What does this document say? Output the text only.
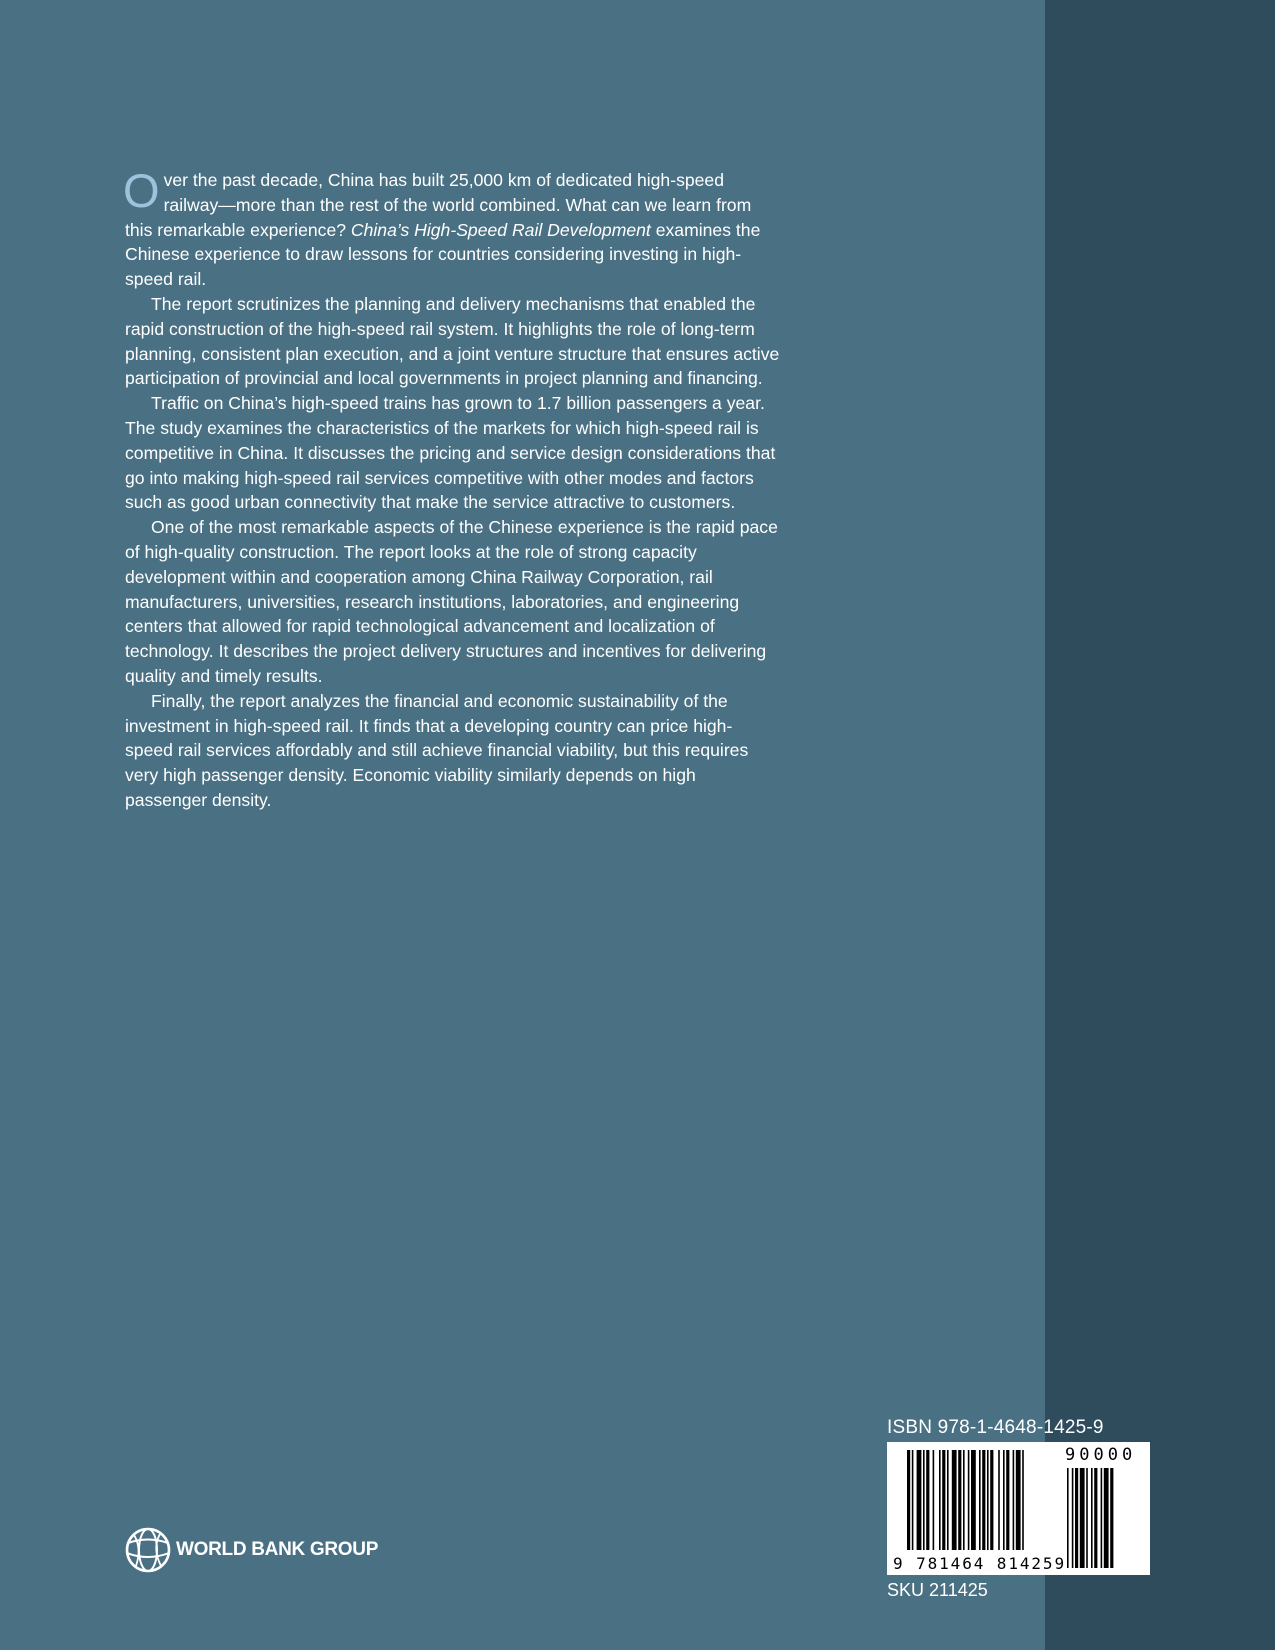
Over the past decade, China has built 25,000 km of dedicated high-speed railway—more than the rest of the world combined. What can we learn from this remarkable experience? China’s High-Speed Rail Development examines the Chinese experience to draw lessons for countries considering investing in high-speed rail.

The report scrutinizes the planning and delivery mechanisms that enabled the rapid construction of the high-speed rail system. It highlights the role of long-term planning, consistent plan execution, and a joint venture structure that ensures active participation of provincial and local governments in project planning and financing.

Traffic on China’s high-speed trains has grown to 1.7 billion passengers a year. The study examines the characteristics of the markets for which high-speed rail is competitive in China. It discusses the pricing and service design considerations that go into making high-speed rail services competitive with other modes and factors such as good urban connectivity that make the service attractive to customers.

One of the most remarkable aspects of the Chinese experience is the rapid pace of high-quality construction. The report looks at the role of strong capacity development within and cooperation among China Railway Corporation, rail manufacturers, universities, research institutions, laboratories, and engineering centers that allowed for rapid technological advancement and localization of technology. It describes the project delivery structures and incentives for delivering quality and timely results.

Finally, the report analyzes the financial and economic sustainability of the investment in high-speed rail. It finds that a developing country can price high-speed rail services affordably and still achieve financial viability, but this requires very high passenger density. Economic viability similarly depends on high passenger density.

ISBN 978-1-4648-1425-9
90000
9 781464 814259
SKU 211425
WORLD BANK GROUP
